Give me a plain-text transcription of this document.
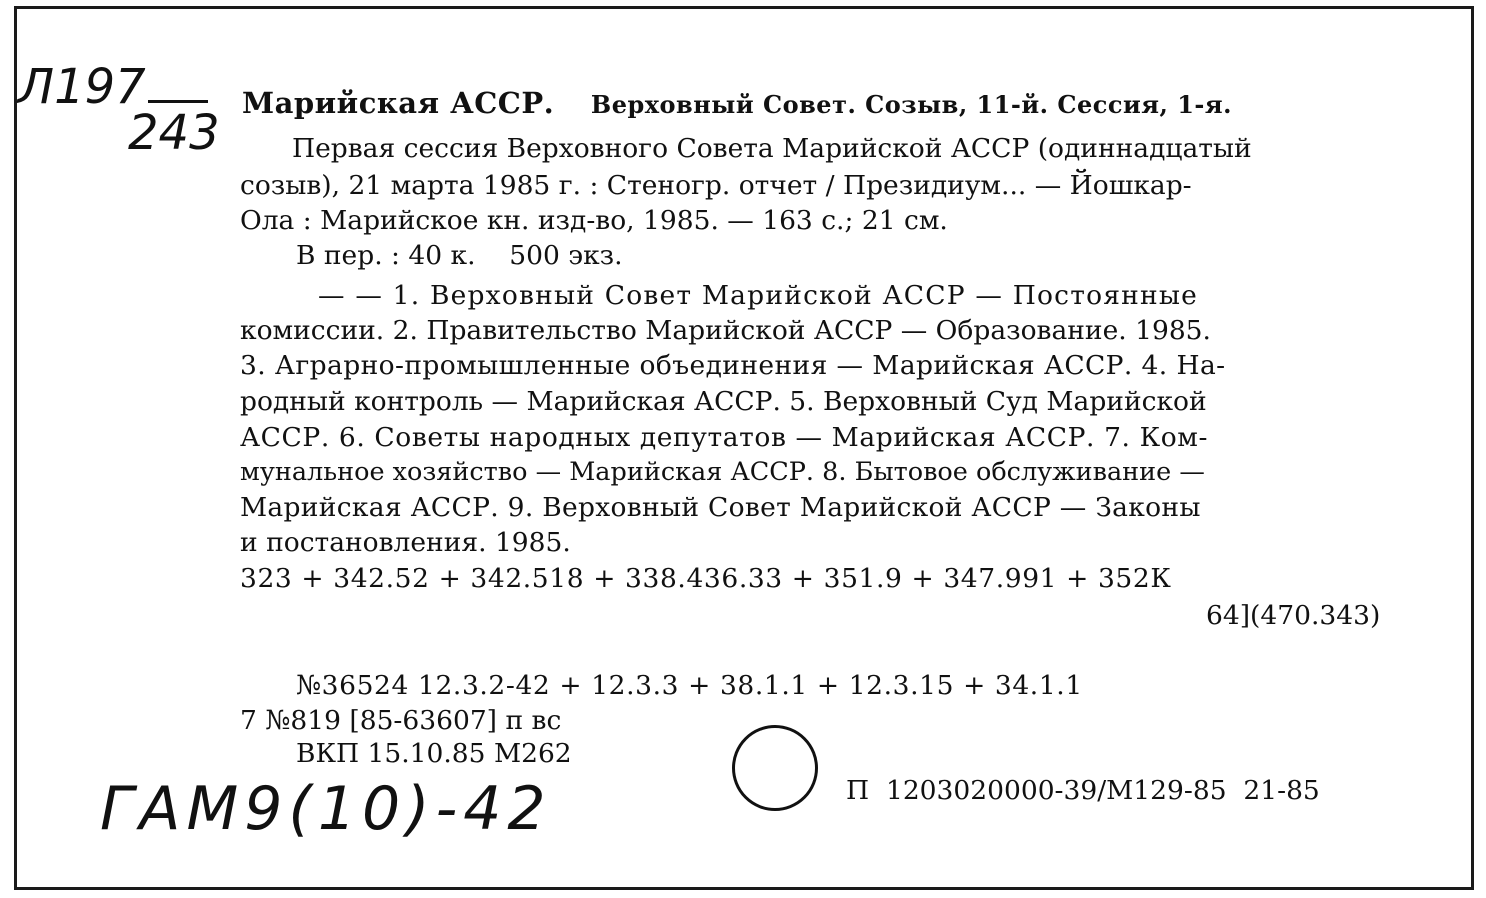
Л197
243
Марийская АССР. Верховный Совет. Созыв, 11-й. Сессия, 1-я.
Первая сессия Верховного Совета Марийской АССР (одиннадцатый
созыв), 21 марта 1985 г. : Стеногр. отчет / Президиум... — Йошкар-
Ола : Марийское кн. изд-во, 1985. — 163 с.; 21 см.
В пер. : 40 к.    500 экз.
— — 1. Верховный Совет Марийской АССР — Постоянные
комиссии. 2. Правительство Марийской АССР — Образование. 1985.
3. Аграрно-промышленные объединения — Марийская АССР. 4. На-
родный контроль — Марийская АССР. 5. Верховный Суд Марийской
АССР. 6. Советы народных депутатов — Марийская АССР. 7. Ком-
мунальное хозяйство — Марийская АССР. 8. Бытовое обслуживание —
Марийская АССР. 9. Верховный Совет Марийской АССР — Законы
и постановления. 1985.
323 + 342.52 + 342.518 + 338.436.33 + 351.9 + 347.991 + 352К
64](470.343)
№36524 12.3.2-42 + 12.3.3 + 38.1.1 + 12.3.15 + 34.1.1
7 №819 [85-63607] п вс
ВКП 15.10.85 М262
П  1203020000-39/М129-85  21-85
ГАМ9(10)-42
